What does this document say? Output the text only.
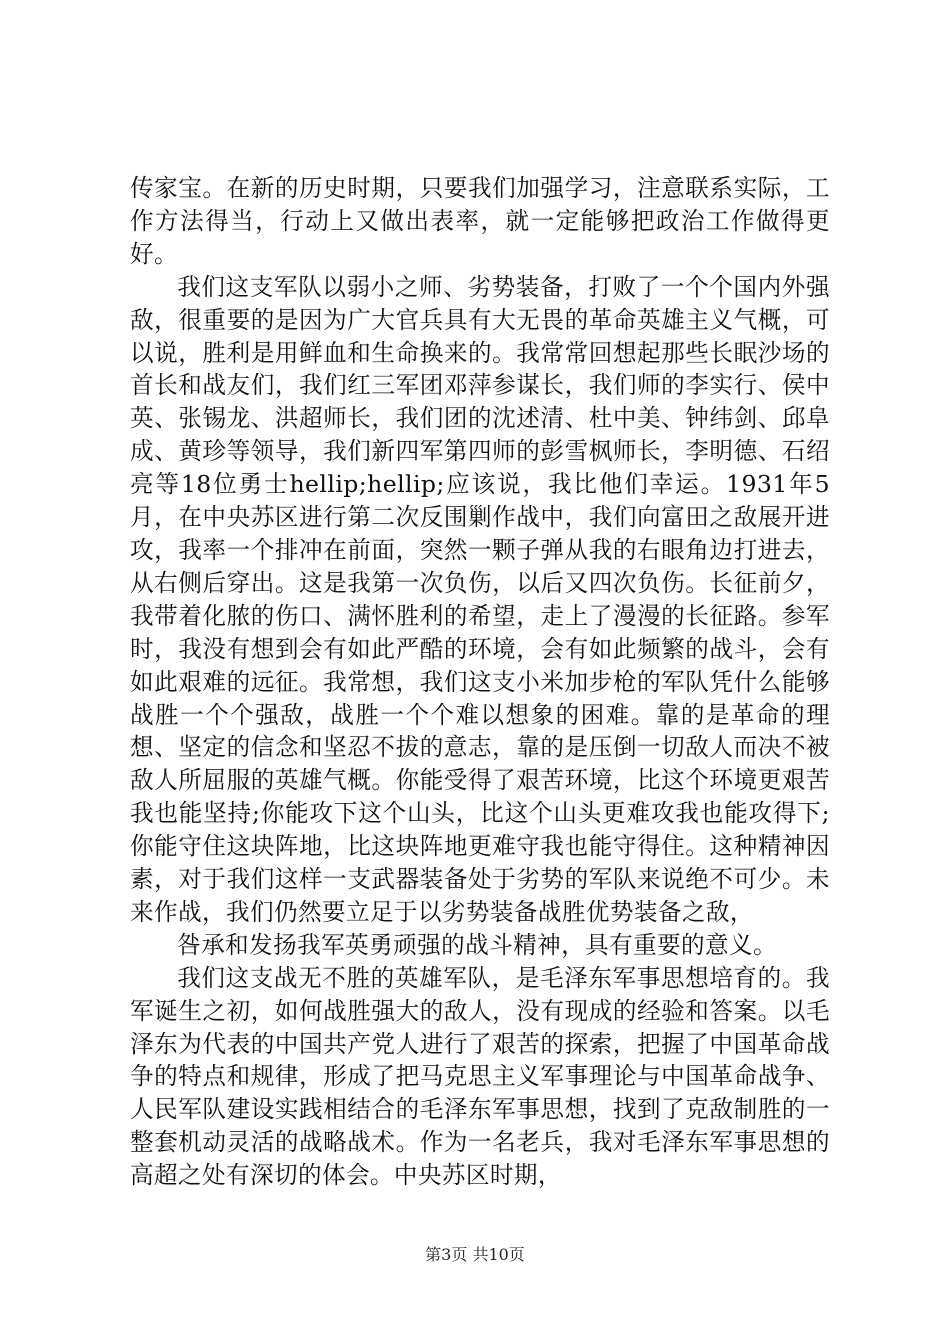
传家宝。在新的历史时期，只要我们加强学习，注意联系实际，工作方法得当，行动上又做出表率，就一定能够把政治工作做得更好。

我们这支军队以弱小之师、劣势装备，打败了一个个国内外强敌，很重要的是因为广大官兵具有大无畏的革命英雄主义气概，可以说，胜利是用鲜血和生命换来的。我常常回想起那些长眠沙场的首长和战友们，我们红三军团邓萍参谋长，我们师的李实行、侯中英、张锡龙、洪超师长，我们团的沈述清、杜中美、钟纬剑、邱阜成、黄珍等领导，我们新四军第四师的彭雪枫师长，李明德、石绍亮等18位勇士hellip;hellip;应该说，我比他们幸运。1931年5月，在中央苏区进行第二次反围剿作战中，我们向富田之敌展开进攻，我率一个排冲在前面，突然一颗子弹从我的右眼角边打进去，从右侧后穿出。这是我第一次负伤，以后又四次负伤。长征前夕，我带着化脓的伤口、满怀胜利的希望，走上了漫漫的长征路。参军时，我没有想到会有如此严酷的环境，会有如此频繁的战斗，会有如此艰难的远征。我常想，我们这支小米加步枪的军队凭什么能够战胜一个个强敌，战胜一个个难以想象的困难。靠的是革命的理想、坚定的信念和坚忍不拔的意志，靠的是压倒一切敌人而决不被敌人所屈服的英雄气概。你能受得了艰苦环境，比这个环境更艰苦我也能坚持;你能攻下这个山头，比这个山头更难攻我也能攻得下;你能守住这块阵地，比这块阵地更难守我也能守得住。这种精神因素，对于我们这样一支武器装备处于劣势的军队来说绝不可少。未来作战，我们仍然要立足于以劣势装备战胜优势装备之敌，

咎承和发扬我军英勇顽强的战斗精神，具有重要的意义。

我们这支战无不胜的英雄军队，是毛泽东军事思想培育的。我军诞生之初，如何战胜强大的敌人，没有现成的经验和答案。以毛泽东为代表的中国共产党人进行了艰苦的探索，把握了中国革命战争的特点和规律，形成了把马克思主义军事理论与中国革命战争、人民军队建设实践相结合的毛泽东军事思想，找到了克敌制胜的一整套机动灵活的战略战术。作为一名老兵，我对毛泽东军事思想的高超之处有深切的体会。中央苏区时期，

第3页 共10页
